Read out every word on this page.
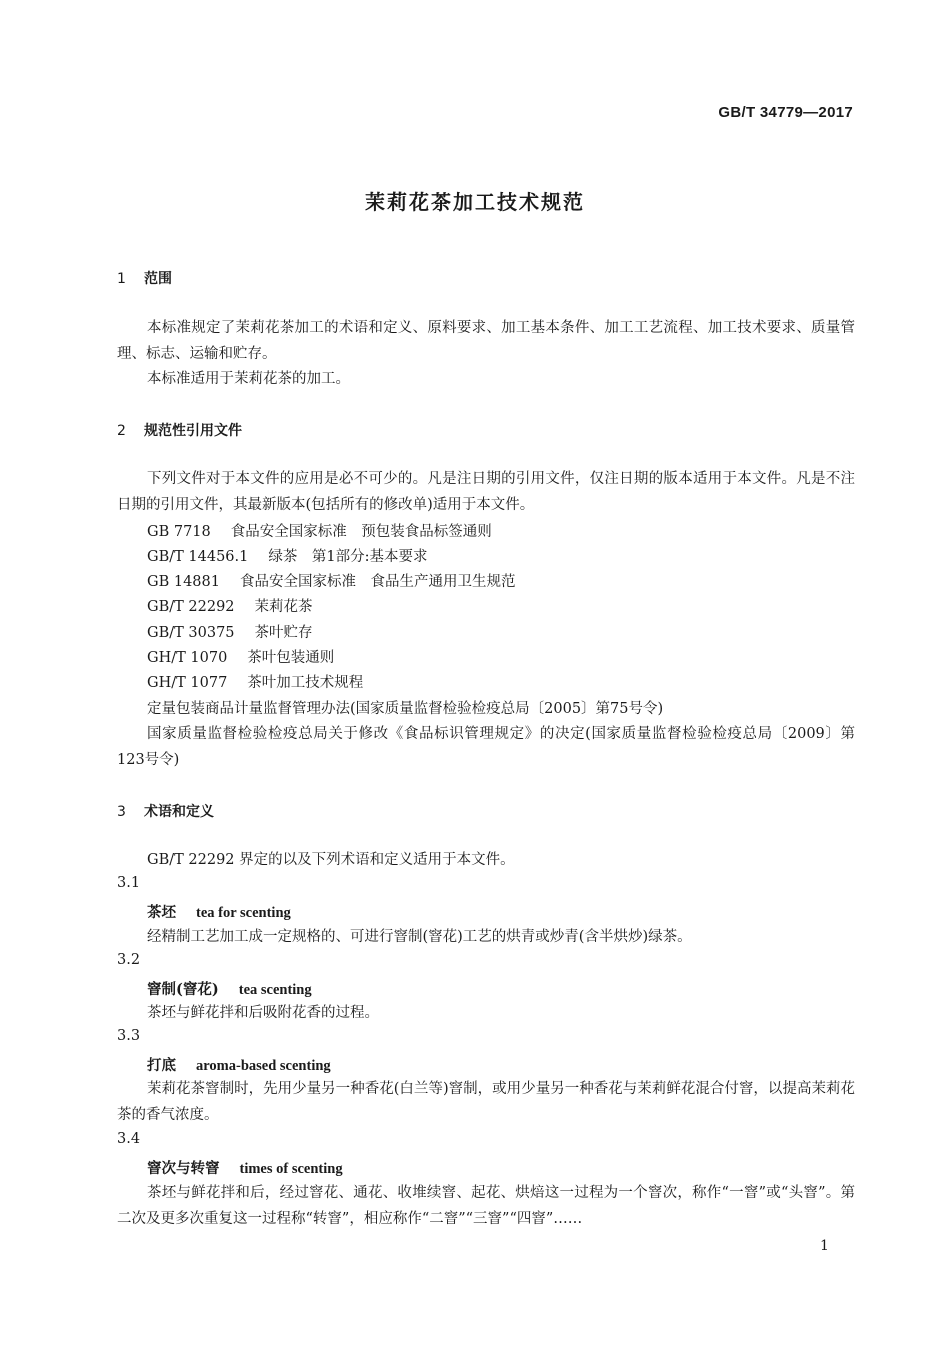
GB/T 34779—2017
茉莉花茶加工技术规范
1 范围
本标准规定了茉莉花茶加工的术语和定义、原料要求、加工基本条件、加工工艺流程、加工技术要求、质量管理、标志、运输和贮存。
本标准适用于茉莉花茶的加工。
2 规范性引用文件
下列文件对于本文件的应用是必不可少的。凡是注日期的引用文件，仅注日期的版本适用于本文件。凡是不注日期的引用文件，其最新版本(包括所有的修改单)适用于本文件。
GB 7718 食品安全国家标准　预包装食品标签通则
GB/T 14456.1 绿茶　第1部分:基本要求
GB 14881 食品安全国家标准　食品生产通用卫生规范
GB/T 22292 茉莉花茶
GB/T 30375 茶叶贮存
GH/T 1070 茶叶包装通则
GH/T 1077 茶叶加工技术规程
定量包装商品计量监督管理办法(国家质量监督检验检疫总局〔2005〕第75号令)
国家质量监督检验检疫总局关于修改《食品标识管理规定》的决定(国家质量监督检验检疫总局〔2009〕第123号令)
3 术语和定义
GB/T 22292 界定的以及下列术语和定义适用于本文件。
3.1
茶坯 tea for scenting
经精制工艺加工成一定规格的、可进行窨制(窨花)工艺的烘青或炒青(含半烘炒)绿茶。
3.2
窨制(窨花) tea scenting
茶坯与鲜花拌和后吸附花香的过程。
3.3
打底 aroma-based scenting
茉莉花茶窨制时，先用少量另一种香花(白兰等)窨制，或用少量另一种香花与茉莉鲜花混合付窨，以提高茉莉花茶的香气浓度。
3.4
窨次与转窨 times of scenting
茶坯与鲜花拌和后，经过窨花、通花、收堆续窨、起花、烘焙这一过程为一个窨次，称作“一窨”或“头窨”。第二次及更多次重复这一过程称“转窨”，相应称作“二窨”“三窨”“四窨”……
1
